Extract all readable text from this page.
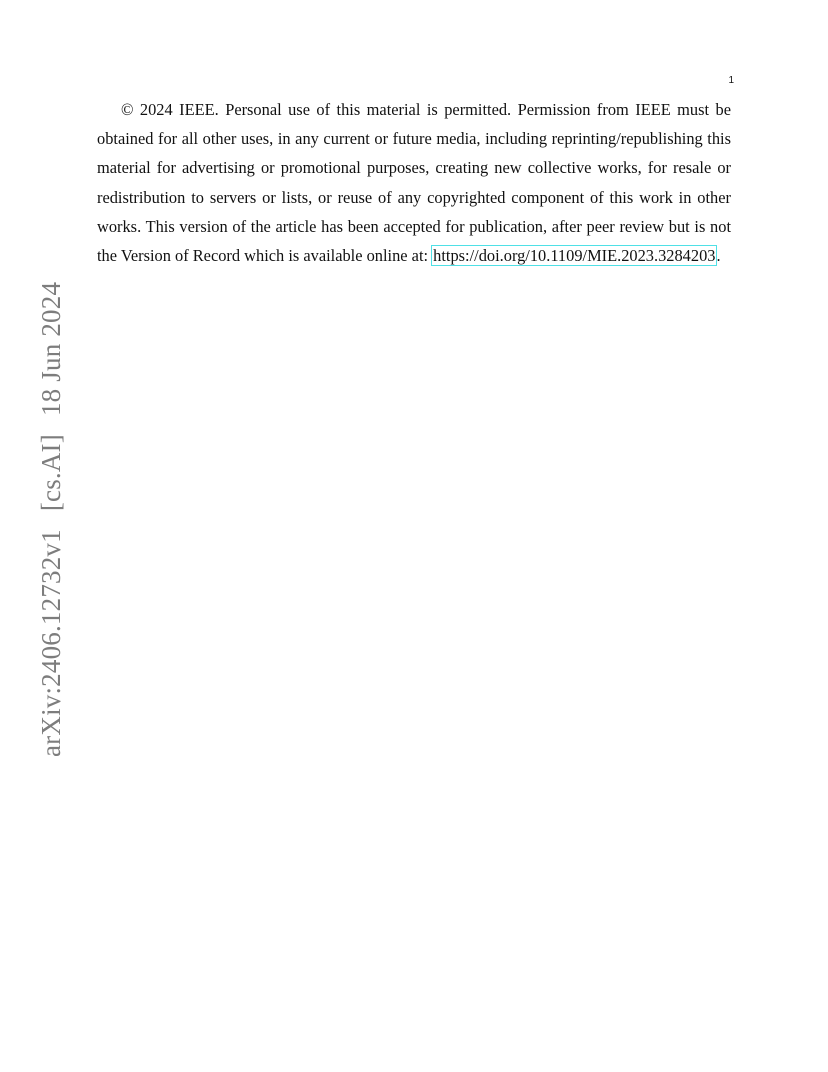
1

© 2024 IEEE. Personal use of this material is permitted. Permission from IEEE must be obtained for all other uses, in any current or future media, including reprinting/republishing this material for advertising or promotional purposes, creating new collective works, for resale or redistribution to servers or lists, or reuse of any copyrighted component of this work in other works. This version of the article has been accepted for publication, after peer review but is not the Version of Record which is available online at: https://doi.org/10.1109/MIE.2023.3284203.

arXiv:2406.12732v1[cs.AI]18 Jun 2024
